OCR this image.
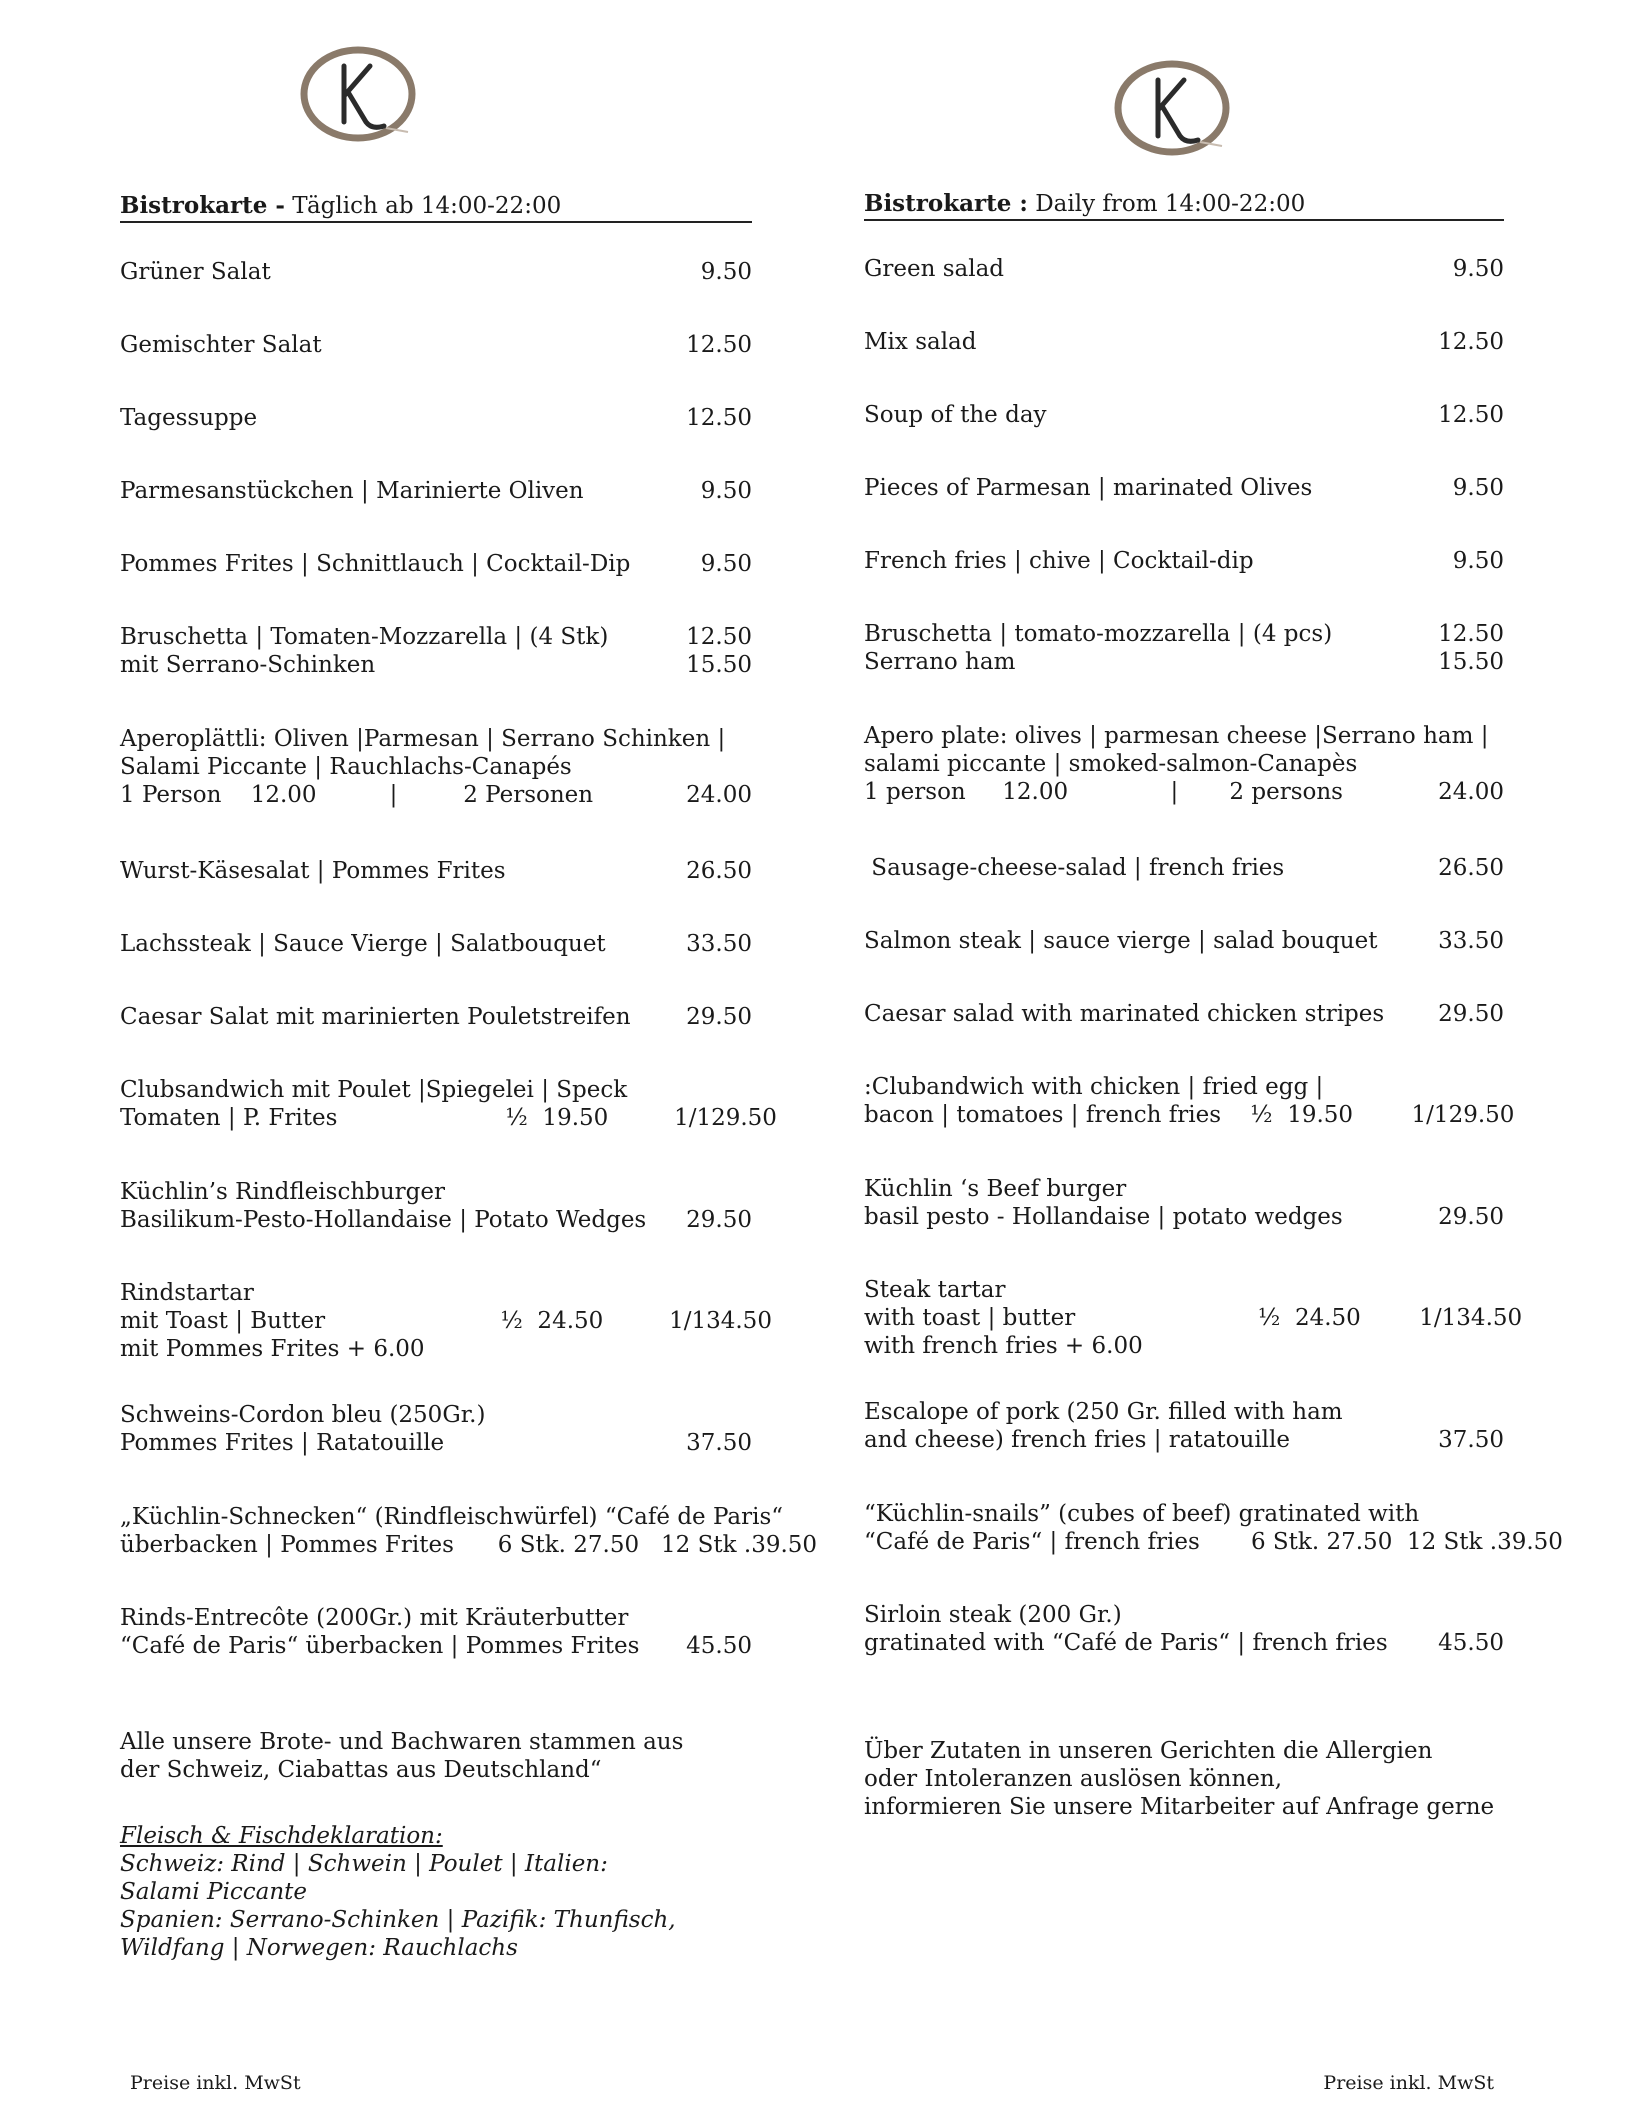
Bistrokarte - Täglich ab 14:00-22:00
Grüner Salat	9.50
Gemischter Salat	12.50
Tagessuppe	12.50
Parmesanstückchen | Marinierte Oliven	9.50
Pommes Frites | Schnittlauch | Cocktail-Dip	9.50
Bruschetta | Tomaten-Mozzarella | (4 Stk)	12.50
mit Serrano-Schinken	15.50
Aperoplättli: Oliven |Parmesan | Serrano Schinken |
Salami Piccante | Rauchlachs-Canapés
1 Person    12.00          |         2 Personen	24.00
Wurst-Käsesalat | Pommes Frites	26.50
Lachssteak | Sauce Vierge | Salatbouquet	33.50
Caesar Salat mit marinierten Pouletstreifen	29.50
Clubsandwich mit Poulet |Spiegelei | Speck
Tomaten | P. Frites                       ½  19.50         1/1 29.50
Küchlin’s Rindfleischburger
Basilikum-Pesto-Hollandaise | Potato Wedges	29.50
Rindstartar
mit Toast | Butter                        ½  24.50         1/1 34.50
mit Pommes Frites + 6.00
Schweins-Cordon bleu (250Gr.)
Pommes Frites | Ratatouille	37.50
„Küchlin-Schnecken“ (Rindfleischwürfel) “Café de Paris“
überbacken | Pommes Frites      6 Stk. 27.50   12 Stk . 39.50
Rinds-Entrecôte (200Gr.) mit Kräuterbutter
“Café de Paris“ überbacken | Pommes Frites	45.50
Alle unsere Brote- und Bachwaren stammen aus
der Schweiz, Ciabattas aus Deutschland“
Fleisch & Fischdeklaration:
Schweiz: Rind | Schwein | Poulet | Italien:
Salami Piccante
Spanien: Serrano-Schinken | Pazifik: Thunfisch,
Wildfang | Norwegen: Rauchlachs
Preise inkl. MwSt
Bistrokarte : Daily from 14:00-22:00
Green salad	9.50
Mix salad	12.50
Soup of the day	12.50
Pieces of Parmesan | marinated Olives	9.50
French fries | chive | Cocktail-dip	9.50
Bruschetta | tomato-mozzarella | (4 pcs)	12.50
Serrano ham	15.50
Apero plate: olives | parmesan cheese |Serrano ham |
salami piccante | smoked-salmon-Canapès
1 person     12.00              |       2 persons	24.00
Sausage-cheese-salad | french fries	26.50
Salmon steak | sauce vierge | salad bouquet	33.50
Caesar salad with marinated chicken stripes	29.50
:Clubandwich with chicken | fried egg |
bacon | tomatoes | french fries    ½  19.50        1/1 29.50
Küchlin ‘s Beef burger
basil pesto - Hollandaise | potato wedges	29.50
Steak tartar
with toast | butter                         ½  24.50        1/1 34.50
with french fries + 6.00
Escalope of pork (250 Gr. filled with ham
and cheese) french fries | ratatouille	37.50
“Küchlin-snails” (cubes of beef) gratinated with
“Café de Paris“ | french fries       6 Stk. 27.50  12 Stk . 39.50
Sirloin steak (200 Gr.)
gratinated with “Café de Paris“ | french fries	45.50
Über Zutaten in unseren Gerichten die Allergien
oder Intoleranzen auslösen können,
informieren Sie unsere Mitarbeiter auf Anfrage gerne
Preise inkl. MwSt
